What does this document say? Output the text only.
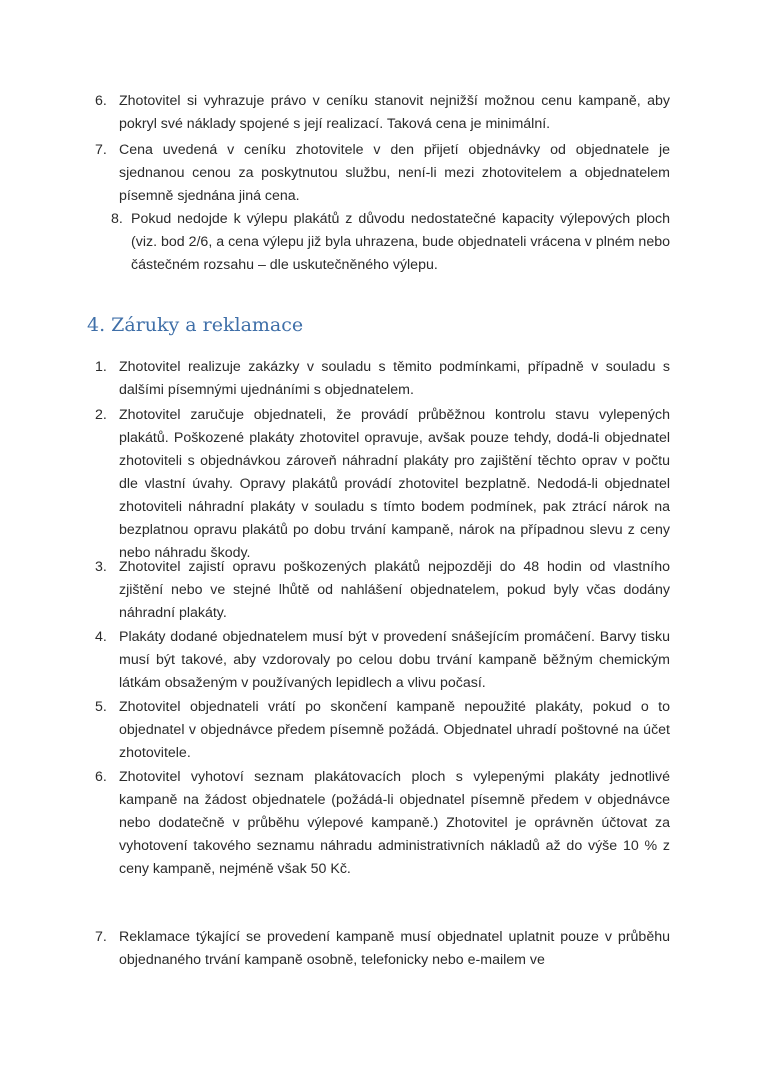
6. Zhotovitel si vyhrazuje právo v ceníku stanovit nejnižší možnou cenu kampaně, aby pokryl své náklady spojené s její realizací. Taková cena je minimální.
7. Cena uvedená v ceníku zhotovitele v den přijetí objednávky od objednatele je sjednanou cenou za poskytnutou službu, není-li mezi zhotovitelem a objednatelem písemně sjednána jiná cena.
8. Pokud nedojde k výlepu plakátů z důvodu nedostatečné kapacity výlepových ploch (viz. bod 2/6, a cena výlepu již byla uhrazena, bude objednateli vrácena v plném nebo částečném rozsahu – dle uskutečněného výlepu.
4. Záruky a reklamace
1. Zhotovitel realizuje zakázky v souladu s těmito podmínkami, případně v souladu s dalšími písemnými ujednáními s objednatelem.
2. Zhotovitel zaručuje objednateli, že provádí průběžnou kontrolu stavu vylepených plakátů. Poškozené plakáty zhotovitel opravuje, avšak pouze tehdy, dodá-li objednatel zhotoviteli s objednávkou zároveň náhradní plakáty pro zajištění těchto oprav v počtu dle vlastní úvahy. Opravy plakátů provádí zhotovitel bezplatně. Nedodá-li objednatel zhotoviteli náhradní plakáty v souladu s tímto bodem podmínek, pak ztrácí nárok na bezplatnou opravu plakátů po dobu trvání kampaně, nárok na případnou slevu z ceny nebo náhradu škody.
3. Zhotovitel zajistí opravu poškozených plakátů nejpozději do 48 hodin od vlastního zjištění nebo ve stejné lhůtě od nahlášení objednatelem, pokud byly včas dodány náhradní plakáty.
4. Plakáty dodané objednatelem musí být v provedení snášejícím promáčení. Barvy tisku musí být takové, aby vzdorovaly po celou dobu trvání kampaně běžným chemickým látkám obsaženým v používaných lepidlech a vlivu počasí.
5. Zhotovitel objednateli vrátí po skončení kampaně nepoužité plakáty, pokud o to objednatel v objednávce předem písemně požádá. Objednatel uhradí poštovné na účet zhotovitele.
6. Zhotovitel vyhotoví seznam plakátovacích ploch s vylepenými plakáty jednotlivé kampaně na žádost objednatele (požádá-li objednatel písemně předem v objednávce nebo dodatečně v průběhu výlepové kampaně.) Zhotovitel je oprávněn účtovat za vyhotovení takového seznamu náhradu administrativních nákladů až do výše 10 % z ceny kampaně, nejméně však 50 Kč.
7. Reklamace týkající se provedení kampaně musí objednatel uplatnit pouze v průběhu objednaného trvání kampaně osobně, telefonicky nebo e-mailem ve
